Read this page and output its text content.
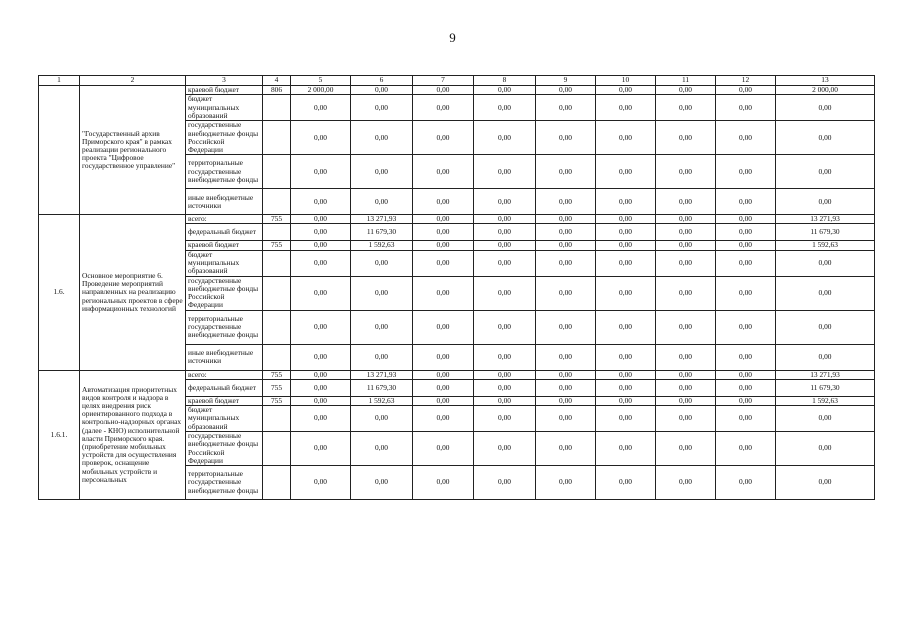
9
1	2	3	4	5	6	7	8	9	10	11	12	13
	"Государственный архив Приморского края" в рамках реализации регионального проекта "Цифровое государственное управление"	краевой бюджет	806	2 000,00	0,00	0,00	0,00	0,00	0,00	0,00	0,00	2 000,00
		бюджет муниципальных образований		0,00	0,00	0,00	0,00	0,00	0,00	0,00	0,00	0,00
		государственные внебюджетные фонды Российской Федерации		0,00	0,00	0,00	0,00	0,00	0,00	0,00	0,00	0,00
		территориальные государственные внебюджетные фонды		0,00	0,00	0,00	0,00	0,00	0,00	0,00	0,00	0,00
		иные внебюджетные источники		0,00	0,00	0,00	0,00	0,00	0,00	0,00	0,00	0,00
1.6.	Основное мероприятие 6. Проведение мероприятий направленных на реализацию региональных проектов в сфере информационных технологий	всего:	755	0,00	13 271,93	0,00	0,00	0,00	0,00	0,00	0,00	13 271,93
		федеральный бюджет		0,00	11 679,30	0,00	0,00	0,00	0,00	0,00	0,00	11 679,30
		краевой бюджет	755	0,00	1 592,63	0,00	0,00	0,00	0,00	0,00	0,00	1 592,63
		бюджет муниципальных образований		0,00	0,00	0,00	0,00	0,00	0,00	0,00	0,00	0,00
		государственные внебюджетные фонды Российской Федерации		0,00	0,00	0,00	0,00	0,00	0,00	0,00	0,00	0,00
		территориальные государственные внебюджетные фонды		0,00	0,00	0,00	0,00	0,00	0,00	0,00	0,00	0,00
		иные внебюджетные источники		0,00	0,00	0,00	0,00	0,00	0,00	0,00	0,00	0,00
1.6.1.	Автоматизация приоритетных видов контроля и надзора в целях внедрения риск ориентированного подхода в контрольно-надзорных органах (далее - КНО) исполнительной власти Приморского края. (приобретение мобильных устройств для осуществления проверок, оснащение мобильных устройств и персональных	всего:	755	0,00	13 271,93	0,00	0,00	0,00	0,00	0,00	0,00	13 271,93
		федеральный бюджет	755	0,00	11 679,30	0,00	0,00	0,00	0,00	0,00	0,00	11 679,30
		краевой бюджет	755	0,00	1 592,63	0,00	0,00	0,00	0,00	0,00	0,00	1 592,63
		бюджет муниципальных образований		0,00	0,00	0,00	0,00	0,00	0,00	0,00	0,00	0,00
		государственные внебюджетные фонды Российской Федерации		0,00	0,00	0,00	0,00	0,00	0,00	0,00	0,00	0,00
		территориальные государственные внебюджетные фонды		0,00	0,00	0,00	0,00	0,00	0,00	0,00	0,00	0,00
